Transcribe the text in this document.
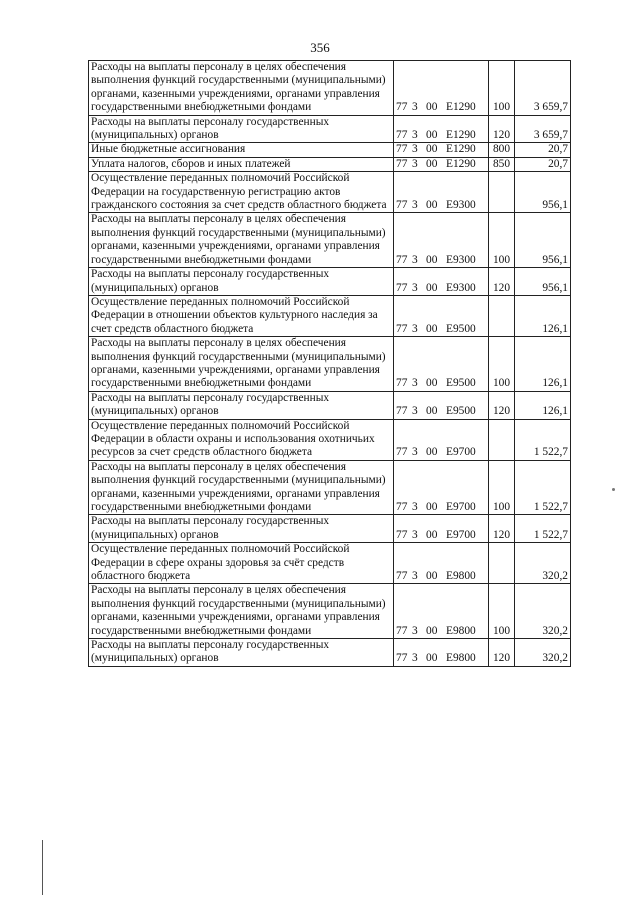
356
Расходы на выплаты персоналу в целях обеспечения выполнения функций государственными (муниципальными) органами, казенными учреждениями, органами управления государственными внебюджетными фондами	77 3 00 Е1290	100	3 659,7
Расходы на выплаты персоналу государственных (муниципальных) органов	77 3 00 Е1290	120	3 659,7
Иные бюджетные ассигнования	77 3 00 Е1290	800	20,7
Уплата налогов, сборов и иных платежей	77 3 00 Е1290	850	20,7
Осуществление переданных полномочий Российской Федерации на государственную регистрацию актов гражданского состояния за счет средств областного бюджета	77 3 00 Е9300		956,1
Расходы на выплаты персоналу в целях обеспечения выполнения функций государственными (муниципальными) органами, казенными учреждениями, органами управления государственными внебюджетными фондами	77 3 00 Е9300	100	956,1
Расходы на выплаты персоналу государственных (муниципальных) органов	77 3 00 Е9300	120	956,1
Осуществление переданных полномочий Российской Федерации в отношении объектов культурного наследия за счет средств областного бюджета	77 3 00 Е9500		126,1
Расходы на выплаты персоналу в целях обеспечения выполнения функций государственными (муниципальными) органами, казенными учреждениями, органами управления государственными внебюджетными фондами	77 3 00 Е9500	100	126,1
Расходы на выплаты персоналу государственных (муниципальных) органов	77 3 00 Е9500	120	126,1
Осуществление переданных полномочий Российской Федерации в области охраны и использования охотничьих ресурсов за счет средств областного бюджета	77 3 00 Е9700		1 522,7
Расходы на выплаты персоналу в целях обеспечения выполнения функций государственными (муниципальными) органами, казенными учреждениями, органами управления государственными внебюджетными фондами	77 3 00 Е9700	100	1 522,7
Расходы на выплаты персоналу государственных (муниципальных) органов	77 3 00 Е9700	120	1 522,7
Осуществление переданных полномочий Российской Федерации в сфере охраны здоровья за счёт средств областного бюджета	77 3 00 Е9800		320,2
Расходы на выплаты персоналу в целях обеспечения выполнения функций государственными (муниципальными) органами, казенными учреждениями, органами управления государственными внебюджетными фондами	77 3 00 Е9800	100	320,2
Расходы на выплаты персоналу государственных (муниципальных) органов	77 3 00 Е9800	120	320,2
